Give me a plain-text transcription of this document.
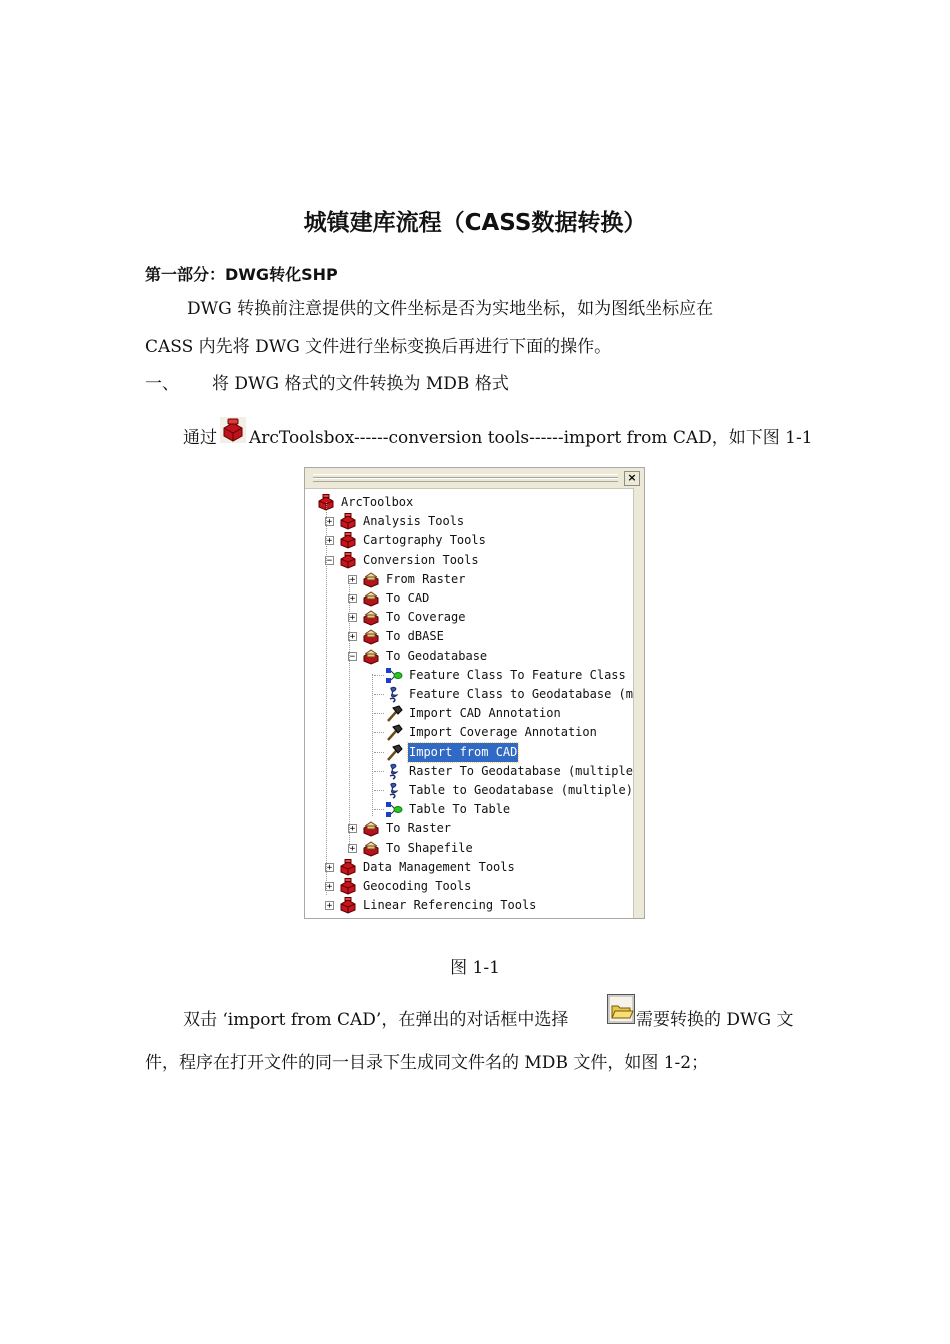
城镇建库流程（CASS数据转换）
第一部分：DWG转化SHP
DWG 转换前注意提供的文件坐标是否为实地坐标，如为图纸坐标应在
CASS 内先将 DWG 文件进行坐标变换后再进行下面的操作。
一、 将 DWG 格式的文件转换为 MDB 格式
通过 ArcToolsbox------conversion tools------import from CAD，如下图 1-1
×
ArcToolbox
+	Analysis Tools
+	Cartography Tools
−	Conversion Tools
+	From Raster
+	To CAD
+	To Coverage
+	To dBASE
−	To Geodatabase
Feature Class To Feature Class
Feature Class to Geodatabase (m
Import CAD Annotation
Import Coverage Annotation
Import from CAD
Raster To Geodatabase (multiple
Table to Geodatabase (multiple)
Table To Table
+	To Raster
+	To Shapefile
+	Data Management Tools
+	Geocoding Tools
+	Linear Referencing Tools
图 1-1
双击 ‘import from CAD’，在弹出的对话框中选择	需要转换的 DWG 文
件，程序在打开文件的同一目录下生成同文件名的 MDB 文件，如图 1-2；
